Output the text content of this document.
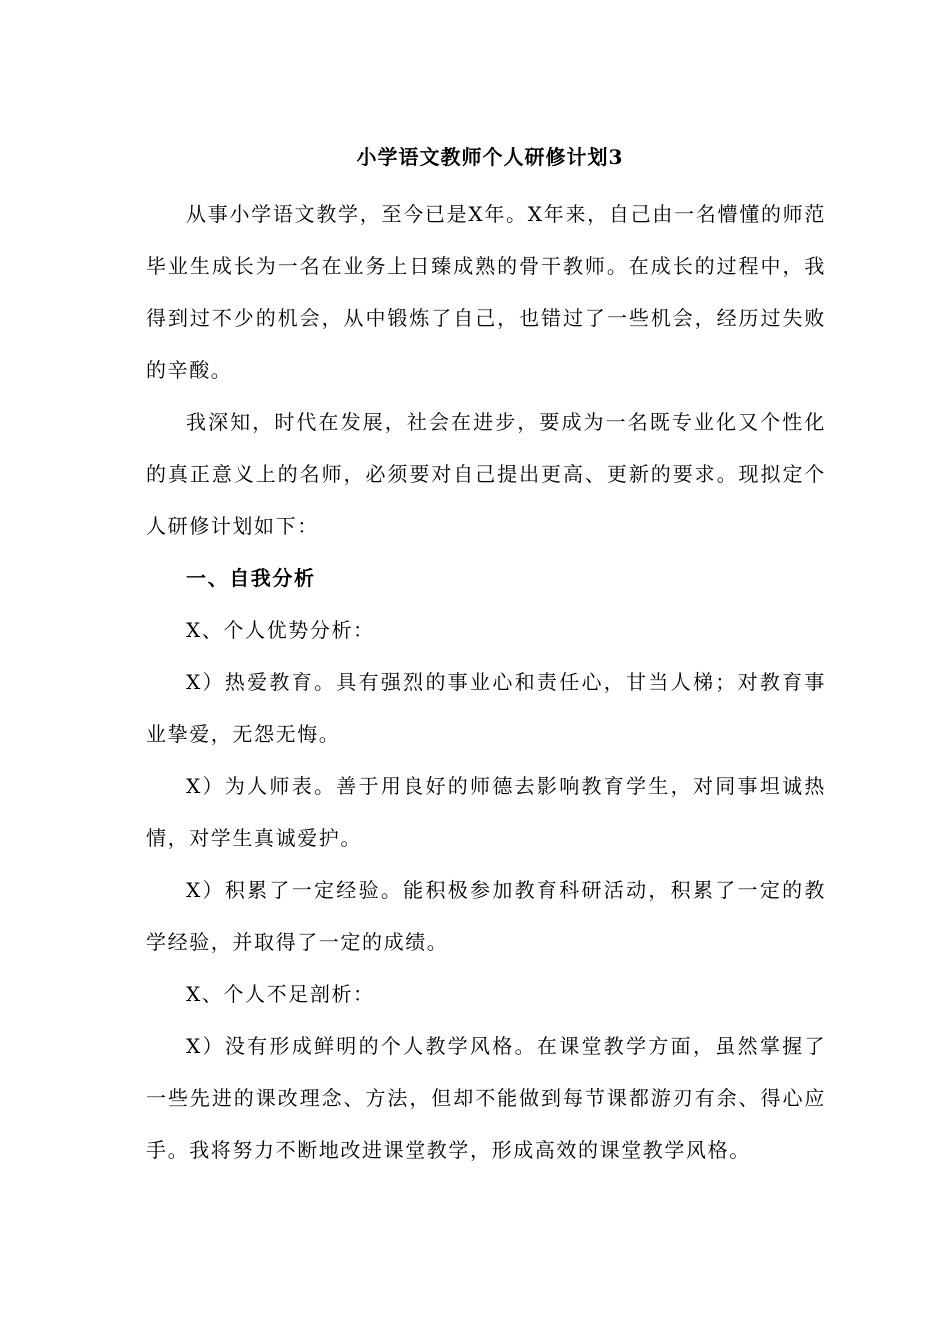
小学语文教师个人研修计划3

从事小学语文教学，至今已是X年。X年来，自己由一名懵懂的师范毕业生成长为一名在业务上日臻成熟的骨干教师。在成长的过程中，我得到过不少的机会，从中锻炼了自己，也错过了一些机会，经历过失败的辛酸。

我深知，时代在发展，社会在进步，要成为一名既专业化又个性化的真正意义上的名师，必须要对自己提出更高、更新的要求。现拟定个人研修计划如下：

一、自我分析

X、个人优势分析：

X）热爱教育。具有强烈的事业心和责任心，甘当人梯；对教育事业挚爱，无怨无悔。

X）为人师表。善于用良好的师德去影响教育学生，对同事坦诚热情，对学生真诚爱护。

X）积累了一定经验。能积极参加教育科研活动，积累了一定的教学经验，并取得了一定的成绩。

X、个人不足剖析：

X）没有形成鲜明的个人教学风格。在课堂教学方面，虽然掌握了一些先进的课改理念、方法，但却不能做到每节课都游刃有余、得心应手。我将努力不断地改进课堂教学，形成高效的课堂教学风格。
